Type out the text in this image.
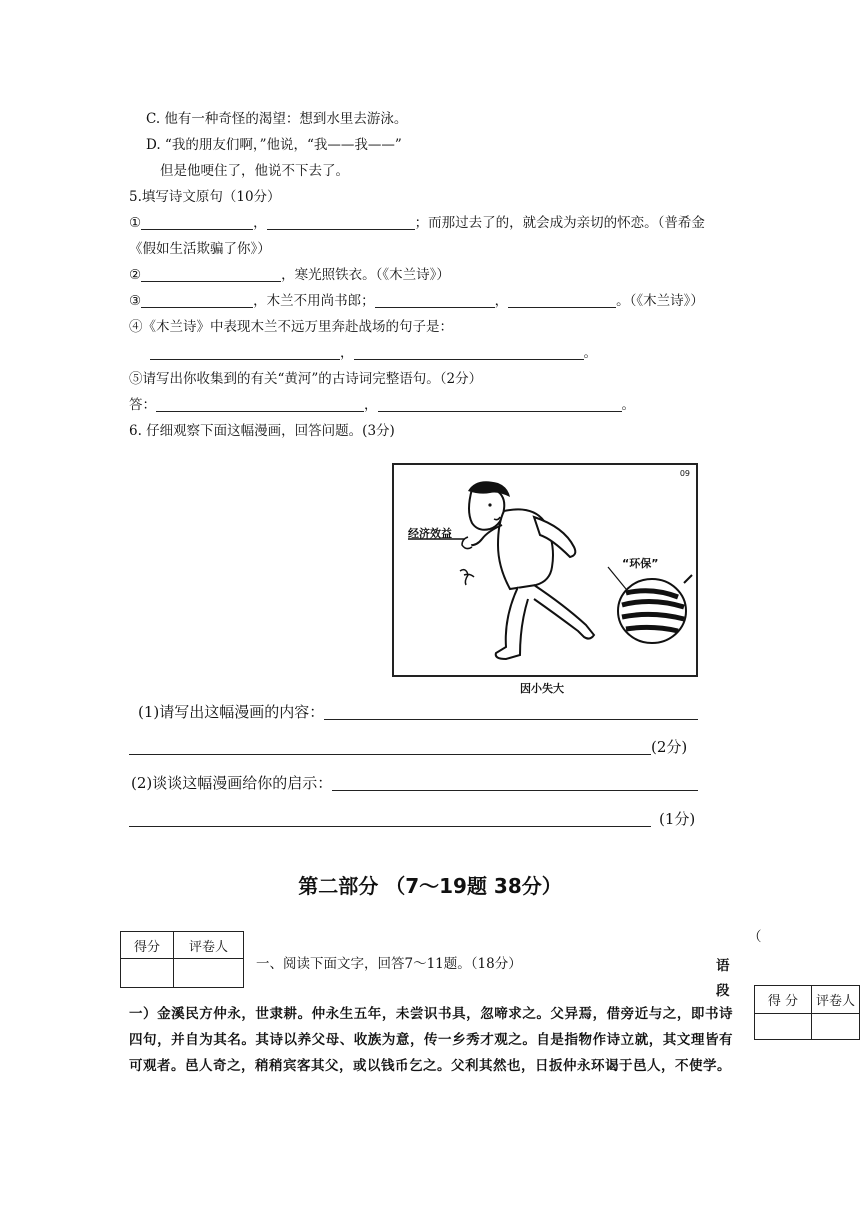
C. 他有一种奇怪的渴望：想到水里去游泳。
D. “我的朋友们啊，”他说，“我——我——”
但是他哽住了，他说不下去了。
5.填写诗文原句（10分）
①	，	；而那过去了的，就会成为亲切的怀恋。（普希金
《假如生活欺骗了你》）
②	，寒光照铁衣。（《木兰诗》）
③	，木兰不用尚书郎；	，	。（《木兰诗》）
④《木兰诗》中表现木兰不远万里奔赴战场的句子是：
，	。
⑤请写出你收集到的有关“黄河”的古诗词完整语句。（2分）
答：	，	。
6. 仔细观察下面这幅漫画，回答问题。(3分)
经济效益
“环保”
09
因小失大
(1)请写出这幅漫画的内容：
(2分)
(2)谈谈这幅漫画给你的启示：
(1分)
第二部分 （7～19题 38分）
得分	评卷人

一、阅读下面文字，回答7～11题。（18分）
（
语
段
得 分	评卷人

一）金溪民方仲永，世隶耕。仲永生五年，未尝识书具，忽啼求之。父异焉，借旁近与之，即书诗四句，并自为其名。其诗以养父母、收族为意，传一乡秀才观之。自是指物作诗立就，其文理皆有可观者。邑人奇之，稍稍宾客其父，或以钱币乞之。父利其然也，日扳仲永环谒于邑人，不使学。
